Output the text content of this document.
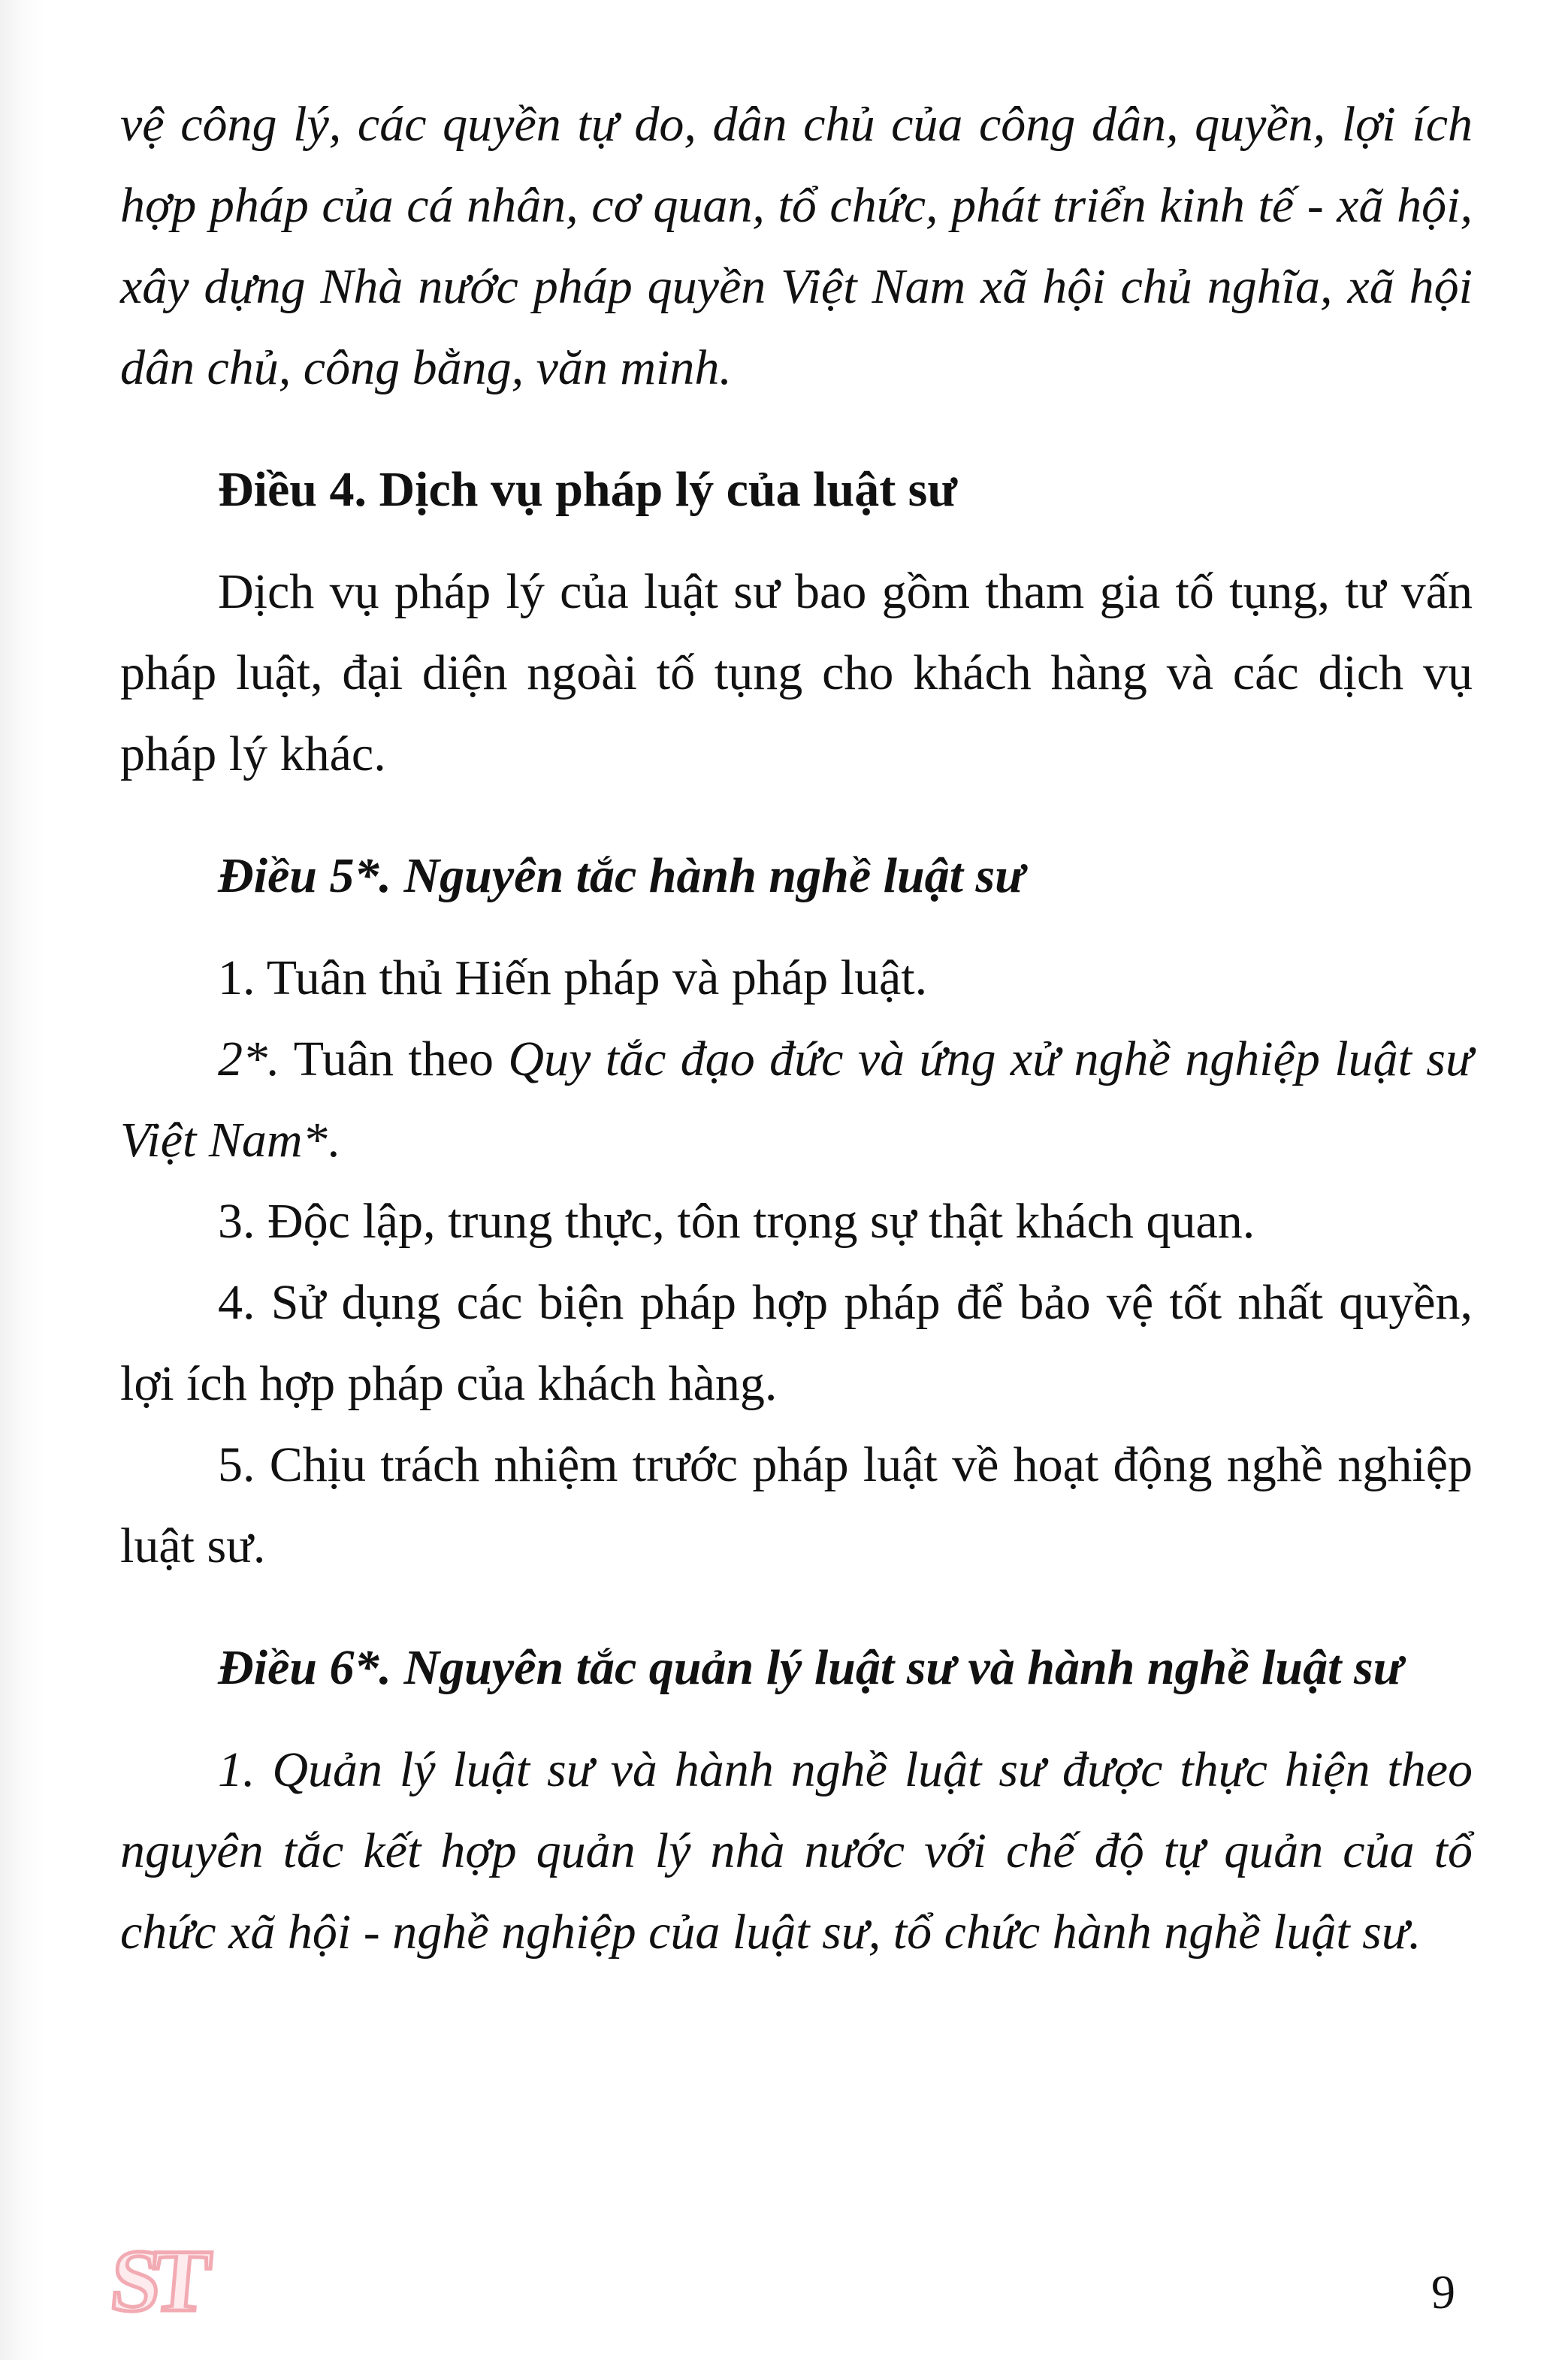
vệ công lý, các quyền tự do, dân chủ của công dân, quyền, lợi ích hợp pháp của cá nhân, cơ quan, tổ chức, phát triển kinh tế - xã hội, xây dựng Nhà nước pháp quyền Việt Nam xã hội chủ nghĩa, xã hội dân chủ, công bằng, văn minh.

Điều 4. Dịch vụ pháp lý của luật sư

Dịch vụ pháp lý của luật sư bao gồm tham gia tố tụng, tư vấn pháp luật, đại diện ngoài tố tụng cho khách hàng và các dịch vụ pháp lý khác.

Điều 5*. Nguyên tắc hành nghề luật sư

1. Tuân thủ Hiến pháp và pháp luật.

2*. Tuân theo Quy tắc đạo đức và ứng xử nghề nghiệp luật sư Việt Nam*.

3. Độc lập, trung thực, tôn trọng sự thật khách quan.

4. Sử dụng các biện pháp hợp pháp để bảo vệ tốt nhất quyền, lợi ích hợp pháp của khách hàng.

5. Chịu trách nhiệm trước pháp luật về hoạt động nghề nghiệp luật sư.

Điều 6*. Nguyên tắc quản lý luật sư và hành nghề luật sư

1. Quản lý luật sư và hành nghề luật sư được thực hiện theo nguyên tắc kết hợp quản lý nhà nước với chế độ tự quản của tổ chức xã hội - nghề nghiệp của luật sư, tổ chức hành nghề luật sư.

ST	9
